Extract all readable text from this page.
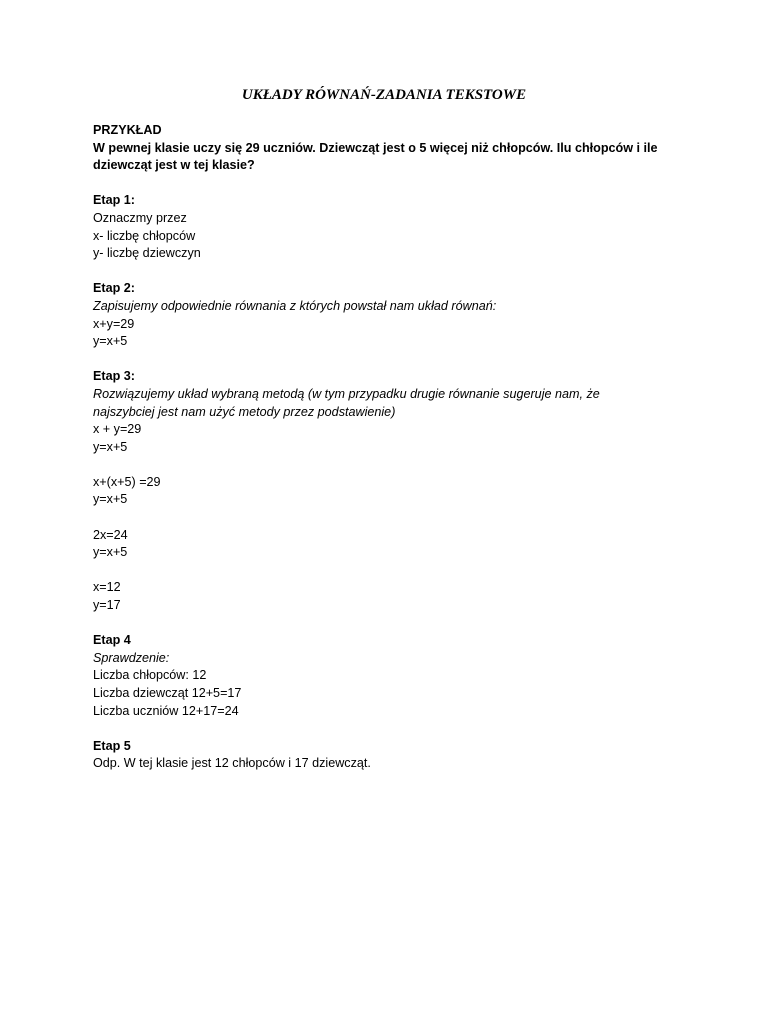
UKŁADY RÓWNAŃ-ZADANIA TEKSTOWE
PRZYKŁAD
W pewnej klasie uczy się 29 uczniów. Dziewcząt jest o 5 więcej niż chłopców. Ilu chłopców i ile
dziewcząt jest w tej klasie?
Etap 1:
Oznaczmy przez
x- liczbę chłopców
y- liczbę dziewczyn
Etap 2:
Zapisujemy odpowiednie równania z których powstał nam układ równań:
x+y=29
y=x+5
Etap 3:
Rozwiązujemy układ wybraną metodą (w tym przypadku drugie równanie sugeruje nam, że
najszybciej jest nam użyć metody przez podstawienie)
x + y=29
y=x+5
x+(x+5) =29
y=x+5
2x=24
y=x+5
x=12
y=17
Etap 4
Sprawdzenie:
Liczba chłopców: 12
Liczba dziewcząt 12+5=17
Liczba uczniów 12+17=24
Etap 5
Odp. W tej klasie jest 12 chłopców i 17 dziewcząt.
